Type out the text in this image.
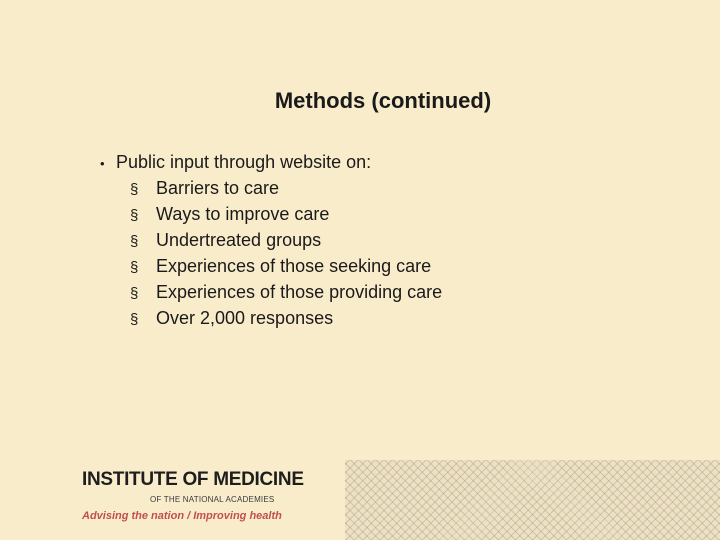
Methods (continued)
• Public input through website on:
§ Barriers to care
§ Ways to improve care
§ Undertreated groups
§ Experiences of those seeking care
§ Experiences of those providing care
§ Over 2,000 responses
INSTITUTE OF MEDICINE
OF THE NATIONAL ACADEMIES
Advising the nation / Improving health
